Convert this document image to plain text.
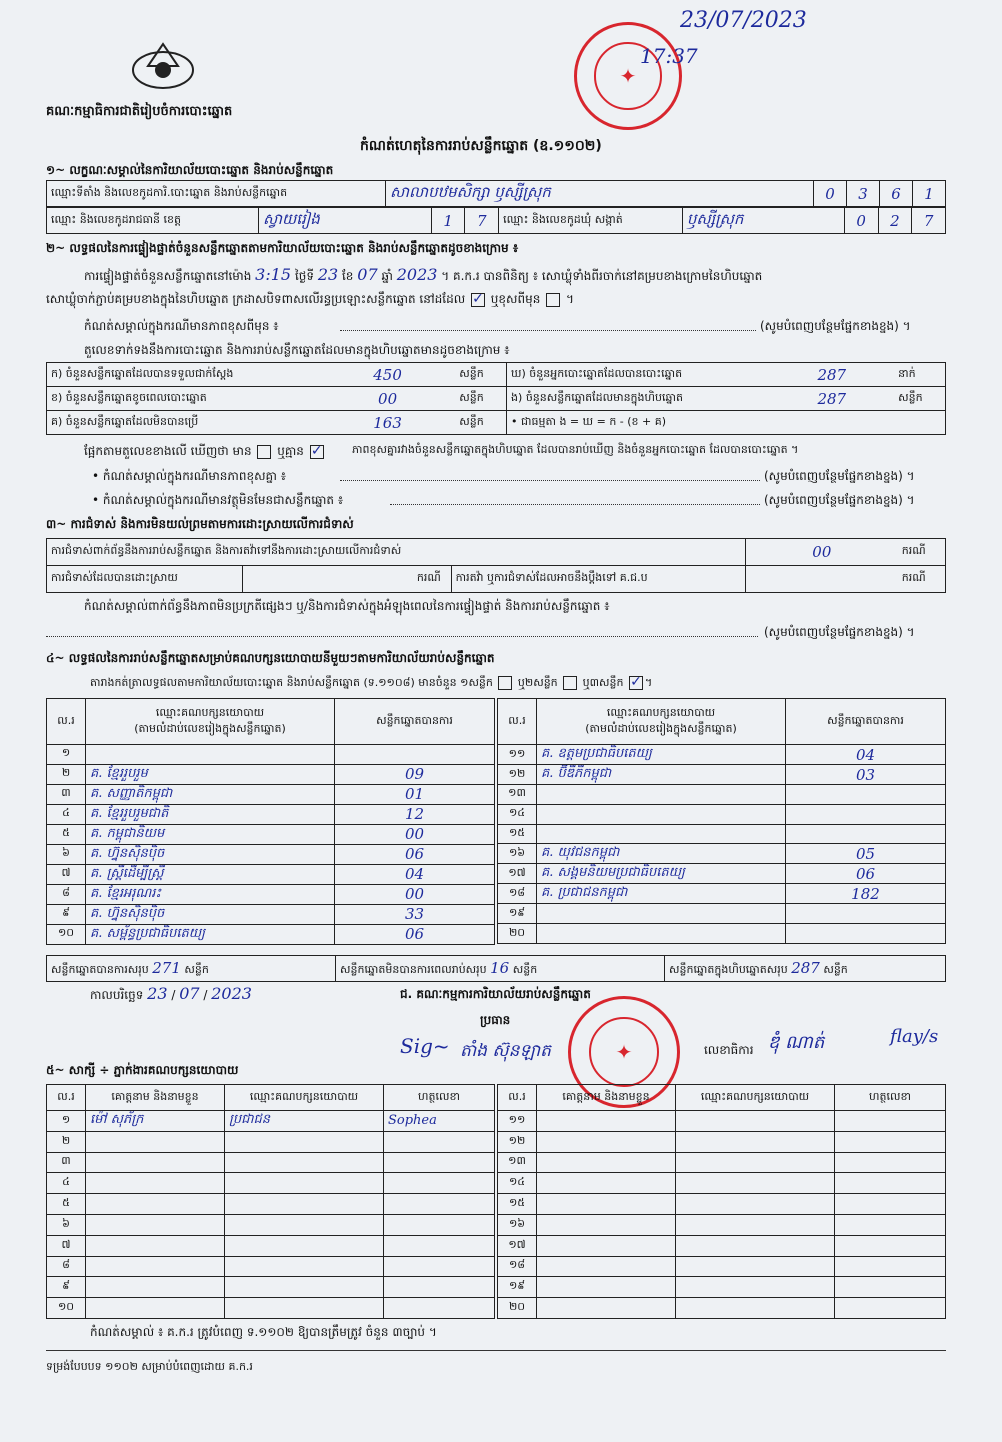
គណៈកម្មាធិការជាតិរៀបចំការបោះឆ្នោត
កំណត់ហេតុនៃការរាប់សន្លឹកឆ្នោត (ឧ.១១០២)
✦
23/07/2023
17:37
១~ លក្ខណៈសម្គាល់នៃការិយាល័យបោះឆ្នោត និងរាប់សន្លឹកឆ្នោត
ឈ្មោះទីតាំង និងលេខកូដការិ.បោះឆ្នោត និងរាប់សន្លឹកឆ្នោត	សាលាបឋមសិក្សា ឫស្សីស្រុក	0	3	6	1
ឈ្មោះ និងលេខកូដរាជធានី ខេត្ត	ស្វាយរៀង	1	7	ឈ្មោះ និងលេខកូដឃុំ សង្កាត់	ឫស្សីស្រុក	0	2	7
២~ លទ្ធផលនៃការផ្ទៀងផ្ទាត់ចំនួនសន្លឹកឆ្នោតតាមការិយាល័យបោះឆ្នោត និងរាប់សន្លឹកឆ្នោតដូចខាងក្រោម ៖
ការផ្ទៀងផ្ទាត់ចំនួនសន្លឹកឆ្នោតនៅម៉ោង 3:15 ថ្ងៃទី 23 ខែ 07 ឆ្នាំ 2023 ។ គ.ក.រ បានពិនិត្យ ៖ សោឃ្លុំទាំងពីរចាក់នៅគម្របខាងក្រោមនៃហិបឆ្នោត
សោឃ្លុំចាក់ភ្ជាប់គម្របខាងក្នុងនៃហិបឆ្នោត ក្រដាសបិទពាសលើរន្ធប្រឡោះសន្លឹកឆ្នោត នៅដដែល ✓ ឬខុសពីមុន  ។
កំណត់សម្គាល់ក្នុងករណីមានភាពខុសពីមុន ៖	(សូមបំពេញបន្ថែមផ្នែកខាងខ្នង) ។
តួលេខទាក់ទងនឹងការបោះឆ្នោត និងការរាប់សន្លឹកឆ្នោតដែលមានក្នុងហិបឆ្នោតមានដូចខាងក្រោម ៖
ក) ចំនួនសន្លឹកឆ្នោតដែលបានទទួលជាក់ស្តែង	450	សន្លឹក	ឃ) ចំនួនអ្នកបោះឆ្នោតដែលបានបោះឆ្នោត	287	នាក់
ខ) ចំនួនសន្លឹកឆ្នោតខូចពេលបោះឆ្នោត	00	សន្លឹក	ង) ចំនួនសន្លឹកឆ្នោតដែលមានក្នុងហិបឆ្នោត	287	សន្លឹក
គ) ចំនួនសន្លឹកឆ្នោតដែលមិនបានប្រើ	163	សន្លឹក	• ជាធម្មតា ង = ឃ = ក - (ខ + គ)		
ផ្អែកតាមតួលេខខាងលើ ឃើញថា មាន ឬគ្មាន ✓	ភាពខុសគ្នារវាងចំនួនសន្លឹកឆ្នោតក្នុងហិបឆ្នោត ដែលបានរាប់ឃើញ និងចំនួនអ្នកបោះឆ្នោត ដែលបានបោះឆ្នោត ។
• កំណត់សម្គាល់ក្នុងករណីមានភាពខុសគ្នា ៖	(សូមបំពេញបន្ថែមផ្នែកខាងខ្នង) ។
• កំណត់សម្គាល់ក្នុងករណីមានវត្ថុមិនមែនជាសន្លឹកឆ្នោត ៖	(សូមបំពេញបន្ថែមផ្នែកខាងខ្នង) ។
៣~ ការជំទាស់ និងការមិនយល់ព្រមតាមការដោះស្រាយលើការជំទាស់
ការជំទាស់ពាក់ព័ន្ធនឹងការរាប់សន្លឹកឆ្នោត និងការតវ៉ាទៅនឹងការដោះស្រាយលើការជំទាស់				00	ករណី
ការជំទាស់ដែលបានដោះស្រាយ		ករណី	ការតវ៉ា ឬការជំទាស់ដែលអាចនឹងប្តឹងទៅ គ.ជ.ប		ករណី
កំណត់សម្គាល់ពាក់ព័ន្ធនឹងភាពមិនប្រក្រតីផ្សេងៗ ឬ/និងការជំទាស់ក្នុងអំឡុងពេលនៃការផ្ទៀងផ្ទាត់ និងការរាប់សន្លឹកឆ្នោត ៖
(សូមបំពេញបន្ថែមផ្នែកខាងខ្នង) ។
៤~ លទ្ធផលនៃការរាប់សន្លឹកឆ្នោតសម្រាប់គណបក្សនយោបាយនីមួយៗតាមការិយាល័យរាប់សន្លឹកឆ្នោត
តារាងកត់ត្រាលទ្ធផលតាមការិយាល័យបោះឆ្នោត និងរាប់សន្លឹកឆ្នោត (ទ.១១០៨) មានចំនួន ១សន្លឹក ឬ២សន្លឹក ឬ៣សន្លឹក ✓ ។
ល.រ	ឈ្មោះគណបក្សនយោបាយ
(តាមលំដាប់លេខរៀងក្នុងសន្លឹកឆ្នោត)	សន្លឹកឆ្នោតបានការ
១		
២	គ. ខ្មែររួបរួម	09
៣	គ. សញ្ញាតិកម្ពុជា	01
៤	គ. ខ្មែររួបរួមជាតិ	12
៥	គ. កម្ពុជានិយម	00
៦	គ. ហ្វ៊ុនស៊ិនប៉ិច	06
៧	គ. ស្ត្រីដើម្បីស្ត្រី	04
៨	គ. ខ្មែរអរុណរះ	00
៩	គ. ហ្វ៊ុនស៊ិនប៉ិច	33
១០	គ. សម្ព័ន្ធប្រជាធិបតេយ្យ	06
ល.រ	ឈ្មោះគណបក្សនយោបាយ
(តាមលំដាប់លេខរៀងក្នុងសន្លឹកឆ្នោត)	សន្លឹកឆ្នោតបានការ
១១	គ. ឧត្តមប្រជាធិបតេយ្យ	04
១២	គ. ប៊ីឌីភីកម្ពុជា	03
១៣		
១៤		
១៥		
១៦	គ. យុវជនកម្ពុជា	05
១៧	គ. សង្គមនិយមប្រជាធិបតេយ្យ	06
១៨	គ. ប្រជាជនកម្ពុជា	182
១៩		
២០		
សន្លឹកឆ្នោតបានការសរុប 271 សន្លឹក	សន្លឹកឆ្នោតមិនបានការពេលរាប់សរុប 16 សន្លឹក	សន្លឹកឆ្នោតក្នុងហិបឆ្នោតសរុប 287 សន្លឹក
កាលបរិច្ឆេទ 23 / 07 / 2023	ជ. គណៈកម្មការការិយាល័យរាប់សន្លឹកឆ្នោត
ប្រធាន
Sig~ តាំង ស៊ុនឡាត	✦	លេខាធិការ ឌុំ ណាត់	flay/s
៥~ សាក្សី ÷ ភ្នាក់ងារគណបក្សនយោបាយ
ល.រ	គោត្តនាម និងនាមខ្លួន	ឈ្មោះគណបក្សនយោបាយ	ហត្ថលេខា
១	ម៉ៅ សុភ័ក្រ	ប្រជាជន	Sophea
២			
៣			
៤			
៥			
៦			
៧			
៨			
៩			
១០			
ល.រ	គោត្តនាម និងនាមខ្លួន	ឈ្មោះគណបក្សនយោបាយ	ហត្ថលេខា
១១			
១២			
១៣			
១៤			
១៥			
១៦			
១៧			
១៨			
១៩			
២០			
កំណត់សម្គាល់ ៖ គ.ក.រ ត្រូវបំពេញ ទ.១១០២ ឱ្យបានត្រឹមត្រូវ ចំនួន ៣ច្បាប់ ។
ទម្រង់បែបបទ ១១០២ សម្រាប់បំពេញដោយ គ.ក.រ
